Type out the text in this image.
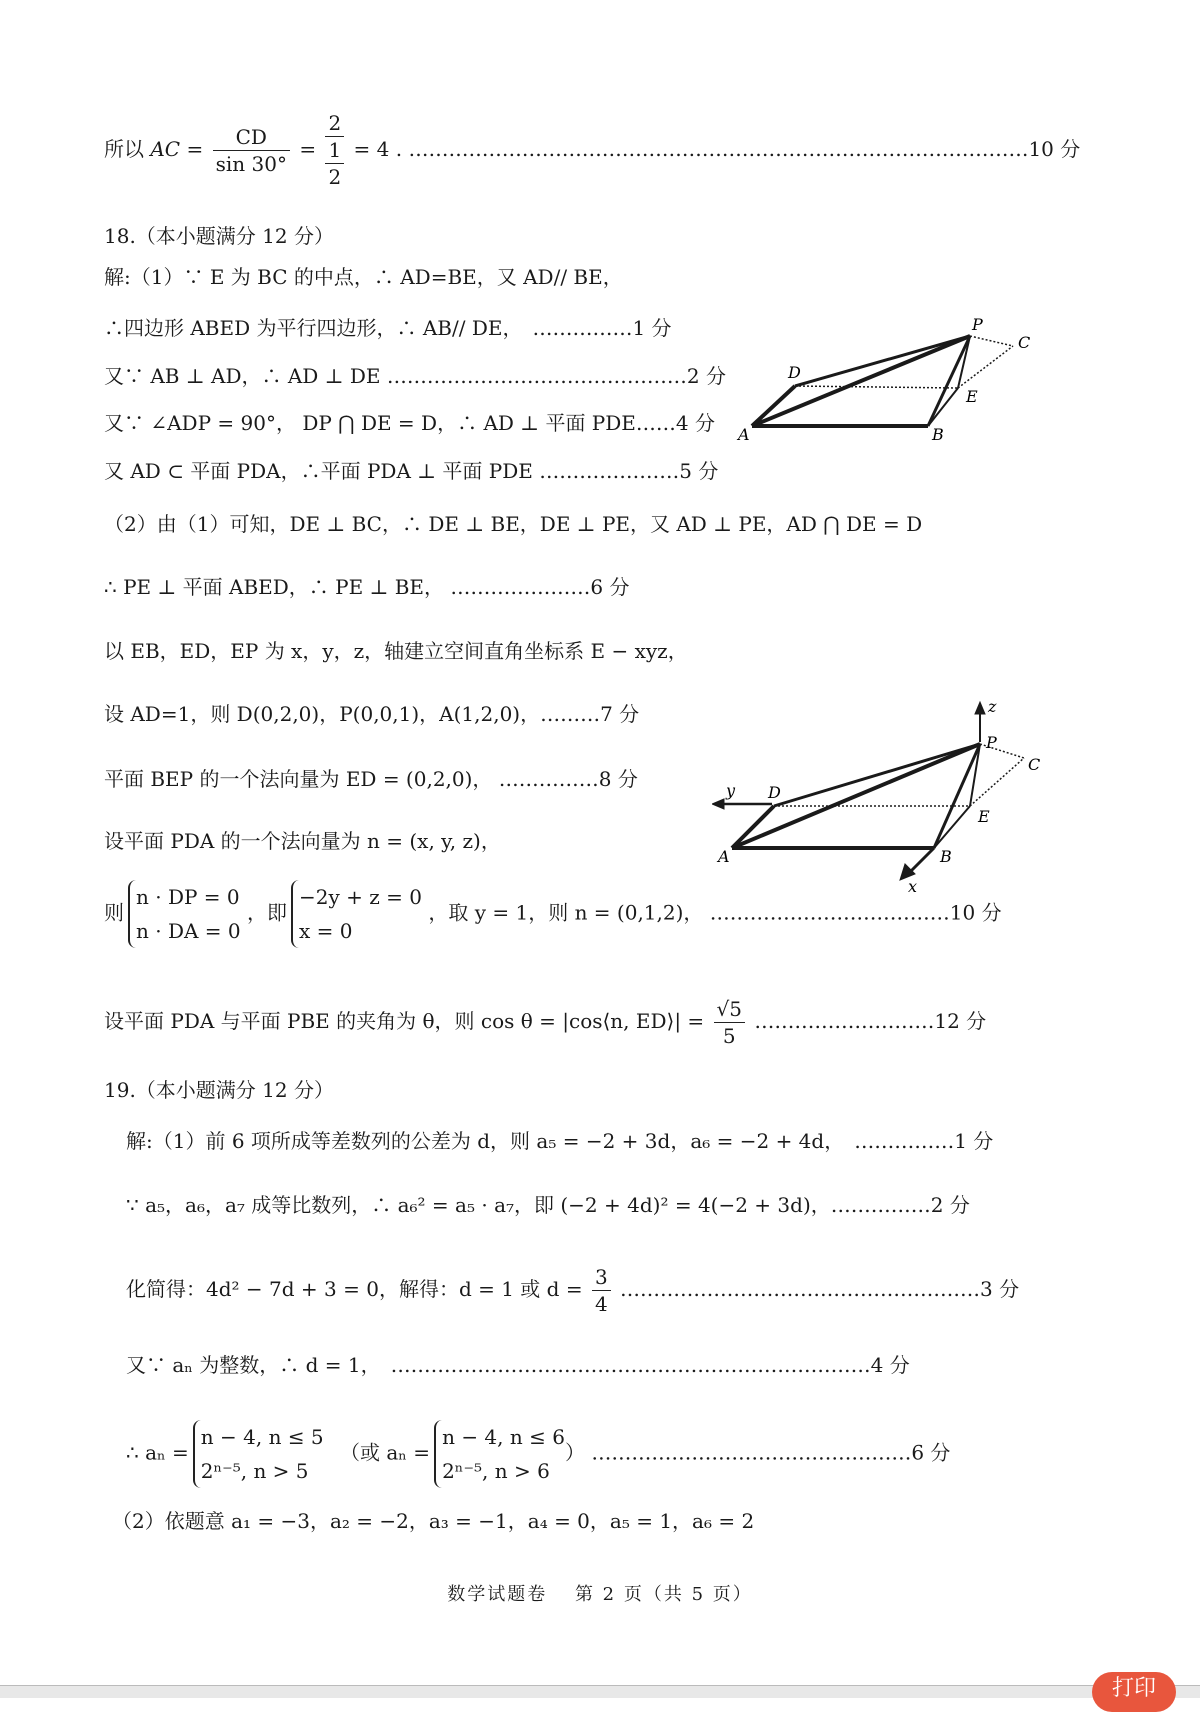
所以 AC = $\frac{CD}{\sin 30^\circ}$ =
2
1
2
= 4 . …………………………………………………………………………………10 分
18.（本小题满分 12 分）
解:（1）∵ E 为 BC 的中点，∴ AD=BE，又 AD// BE，
∴四边形 ABED 为平行四边形，∴ AB// DE，　 ……………1 分
又∵ AB ⊥ AD，∴ AD ⊥ DE ………………………………………2 分
又∵ ∠ADP = 90°， DP ⋂ DE = D，∴ AD ⊥ 平面 PDE……4 分
又 AD ⊂ 平面 PDA，∴平面 PDA ⊥ 平面 PDE …………………5 分
（2）由（1）可知，DE ⊥ BC，∴ DE ⊥ BE，DE ⊥ PE，又 AD ⊥ PE，AD ⋂ DE = D
∴ PE ⊥ 平面 ABED，∴ PE ⊥ BE， …………………6 分
以 EB，ED，EP 为 x，y，z，轴建立空间直角坐标系 E − xyz，
设 AD=1，则 D(0,2,0)，P(0,0,1)，A(1,2,0)，………7 分
平面 BEP 的一个法向量为 ED = (0,2,0)， ……………8 分
设平面 PDA 的一个法向量为 n = (x, y, z)，
则
n · DP = 0
n · DA = 0
，即
−2y + z = 0
x = 0
，取 y = 1，则 n = (0,1,2)， ………………………………10 分
设平面 PDA 与平面 PBE 的夹角为 θ，则 cos θ = |cos⟨n, ED⟩| = $\frac{√5}{5}$ ………………………12 分
19.（本小题满分 12 分）
解:（1）前 6 项所成等差数列的公差为 d，则 a₅ = −2 + 3d，a₆ = −2 + 4d，　 ……………1 分
∵ a₅，a₆，a₇ 成等比数列，∴ a₆² = a₅ · a₇，即 (−2 + 4d)² = 4(−2 + 3d)，……………2 分
化简得：4d² − 7d + 3 = 0，解得：d = 1 或 $d = \frac{3}{4}$ ………………………………………………3 分
又∵ aₙ 为整数，∴ d = 1，　 ………………………………………………………………4 分
∴ aₙ =
n − 4, n ≤ 5
2ⁿ⁻⁵, n > 5
　（或 aₙ =
n − 4, n ≤ 6
2ⁿ⁻⁵, n > 6
） …………………………………………6 分
（2）依题意 a₁ = −3，a₂ = −2，a₃ = −1，a₄ = 0，a₅ = 1，a₆ = 2
P
C
D
E
A	B
z
P
C
y D
E
A	B
x
数学试题卷　 第 2 页（共 5 页）
打印
